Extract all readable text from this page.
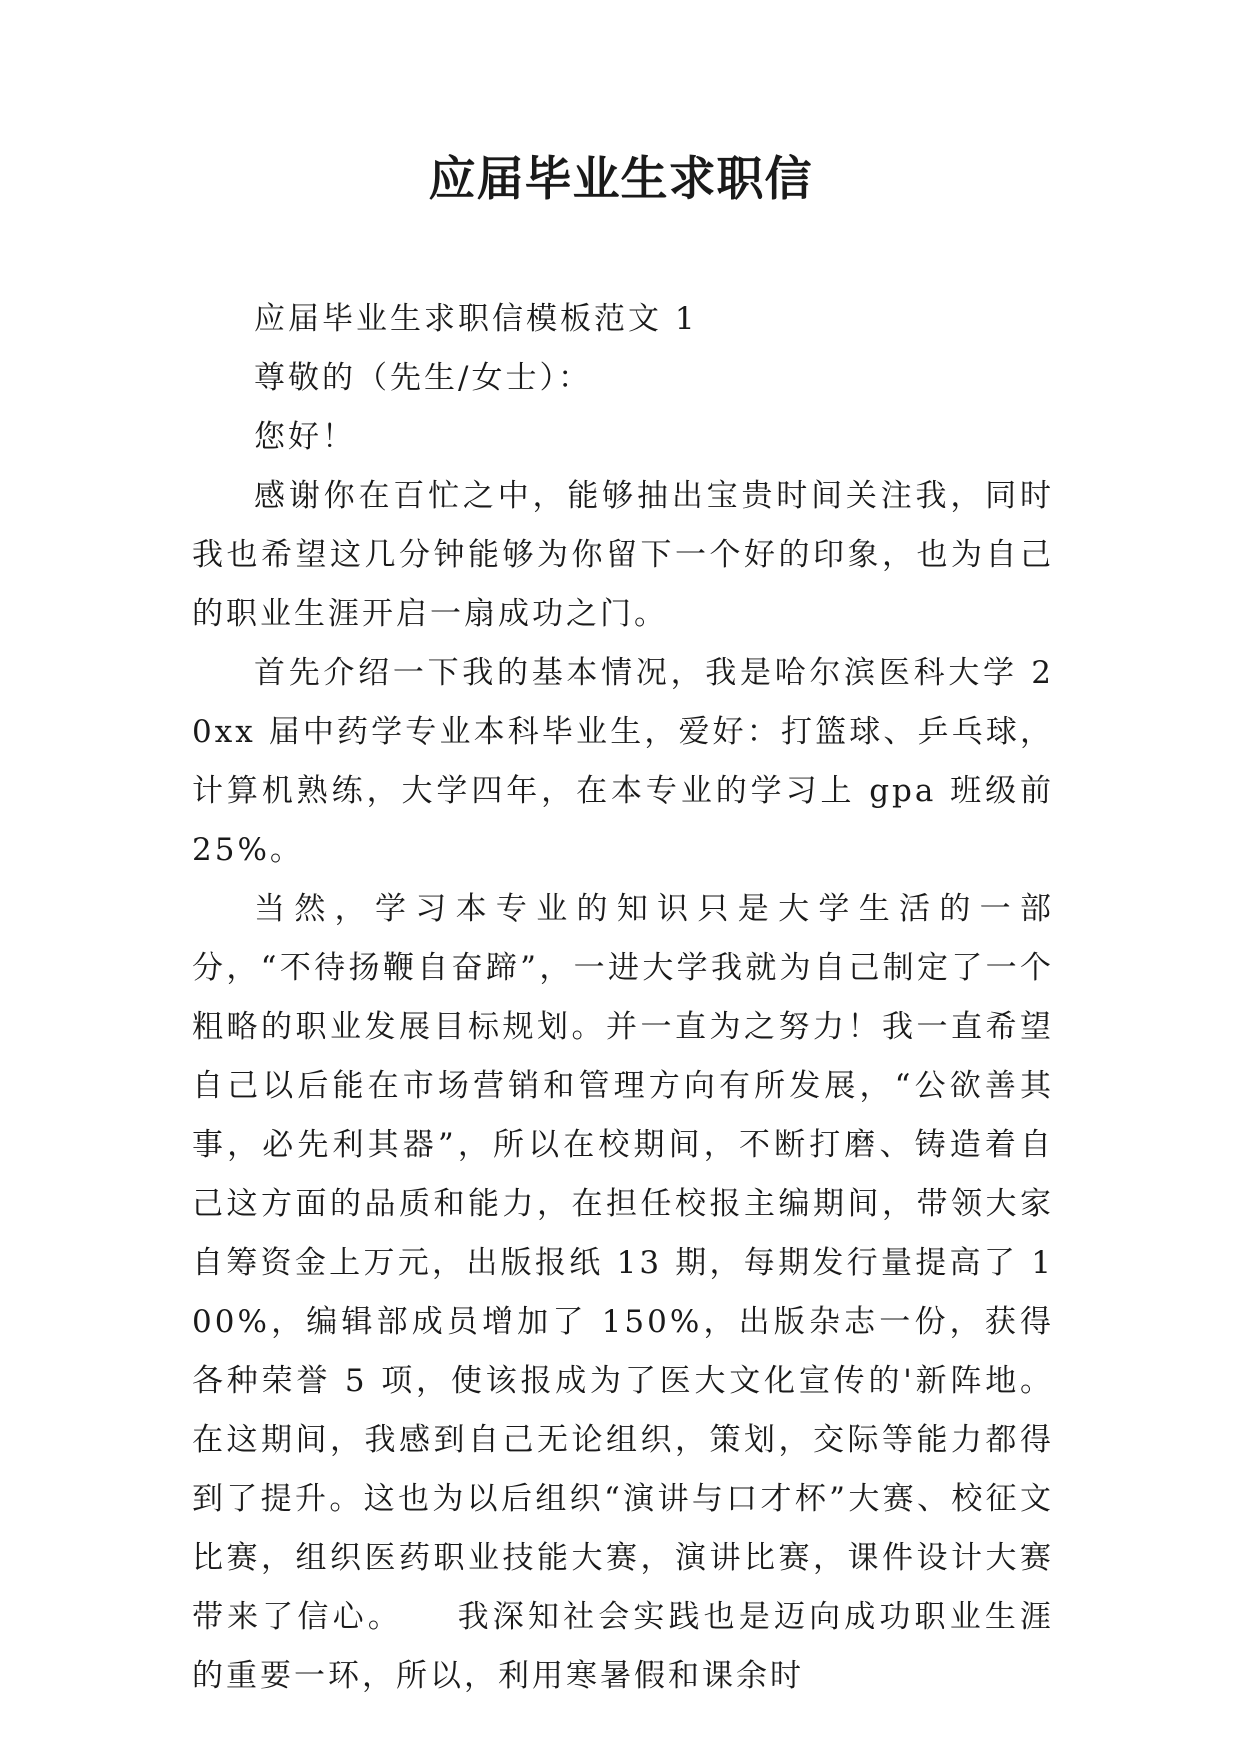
应届毕业生求职信

应届毕业生求职信模板范文 1

尊敬的（先生/女士）：

您好！

感谢你在百忙之中，能够抽出宝贵时间关注我，同时我也希望这几分钟能够为你留下一个好的印象，也为自己的职业生涯开启一扇成功之门。

首先介绍一下我的基本情况，我是哈尔滨医科大学 20xx 届中药学专业本科毕业生，爱好：打篮球、乒乓球，计算机熟练，大学四年，在本专业的学习上 gpa 班级前 25%。

当然，学习本专业的知识只是大学生活的一部分，“不待扬鞭自奋蹄”，一进大学我就为自己制定了一个粗略的职业发展目标规划。并一直为之努力！我一直希望自己以后能在市场营销和管理方向有所发展，“公欲善其事，必先利其器”，所以在校期间，不断打磨、铸造着自己这方面的品质和能力，在担任校报主编期间，带领大家自筹资金上万元，出版报纸 13 期，每期发行量提高了 100%，编辑部成员增加了 150%，出版杂志一份，获得各种荣誉 5 项，使该报成为了医大文化宣传的'新阵地。在这期间，我感到自己无论组织，策划，交际等能力都得到了提升。这也为以后组织“演讲与口才杯”大赛、校征文比赛，组织医药职业技能大赛，演讲比赛，课件设计大赛带来了信心。　　我深知社会实践也是迈向成功职业生涯的重要一环，所以，利用寒暑假和课余时
